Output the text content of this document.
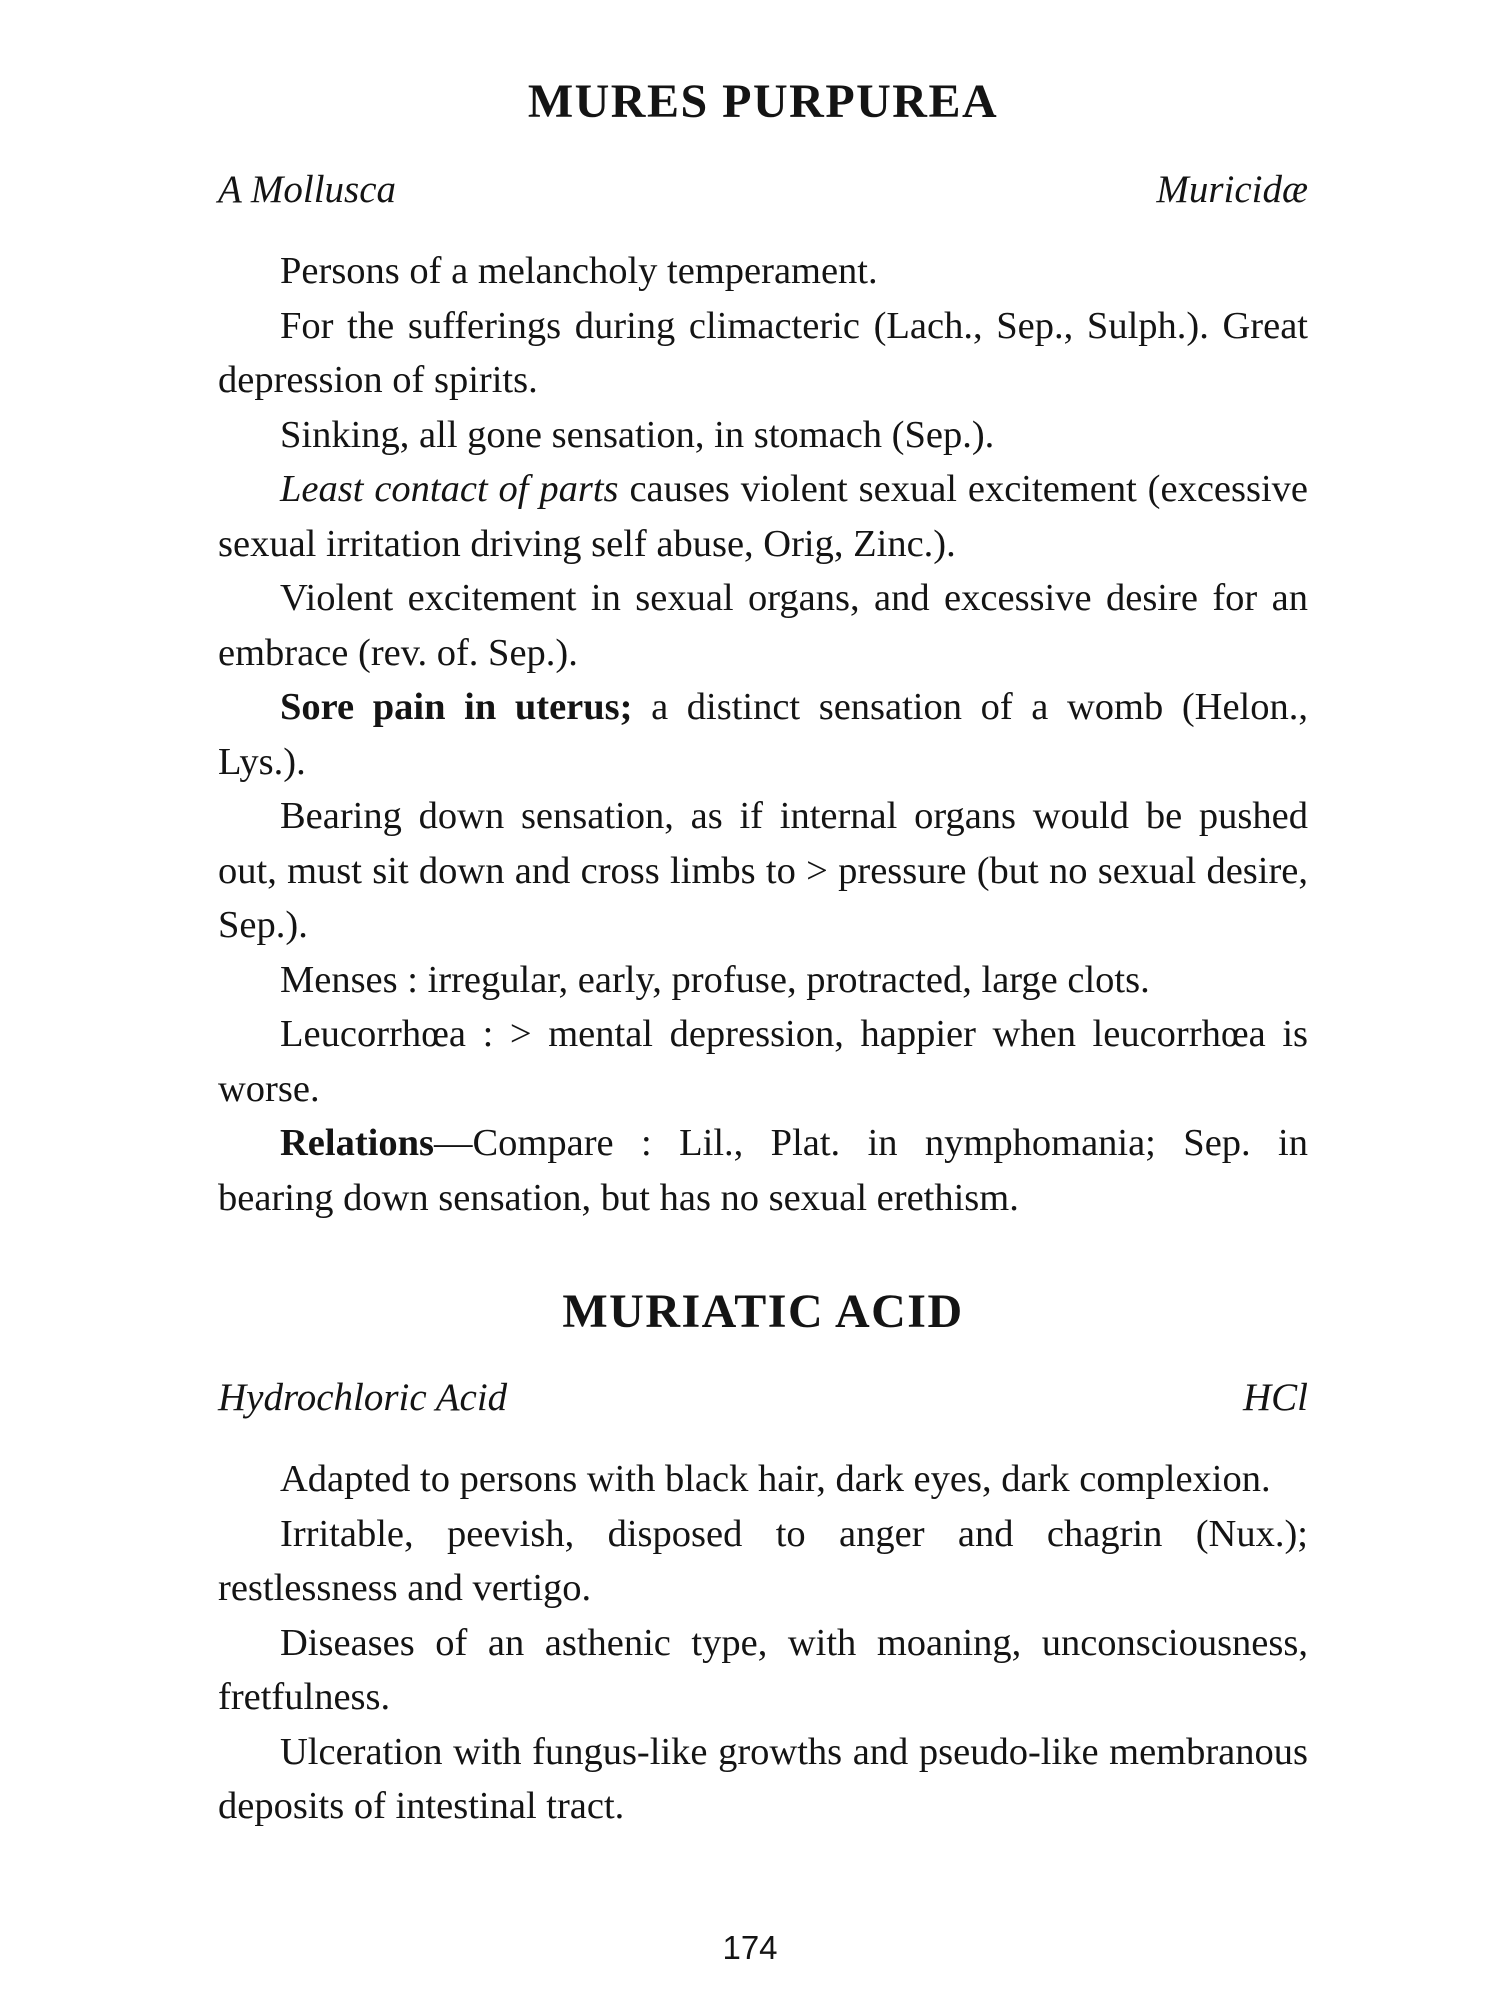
MURES PURPUREA
A Mollusca	Muricidæ

Persons of a melancholy temperament.

For the sufferings during climacteric (Lach., Sep., Sulph.). Great depression of spirits.

Sinking, all gone sensation, in stomach (Sep.).

Least contact of parts causes violent sexual excitement (excessive sexual irritation driving self abuse, Orig, Zinc.).

Violent excitement in sexual organs, and excessive desire for an embrace (rev. of. Sep.).

Sore pain in uterus; a distinct sensation of a womb (Helon., Lys.).

Bearing down sensation, as if internal organs would be pushed out, must sit down and cross limbs to > pressure (but no sexual desire, Sep.).

Menses : irregular, early, profuse, protracted, large clots.

Leucorrhœa : > mental depression, happier when leucorrhœa is worse.

Relations—Compare : Lil., Plat. in nymphomania; Sep. in bearing down sensation, but has no sexual erethism.

MURIATIC ACID
Hydrochloric Acid	HCl

Adapted to persons with black hair, dark eyes, dark complexion.

Irritable, peevish, disposed to anger and chagrin (Nux.); restlessness and vertigo.

Diseases of an asthenic type, with moaning, unconsciousness, fretfulness.

Ulceration with fungus-like growths and pseudo-like membranous deposits of intestinal tract.

174
